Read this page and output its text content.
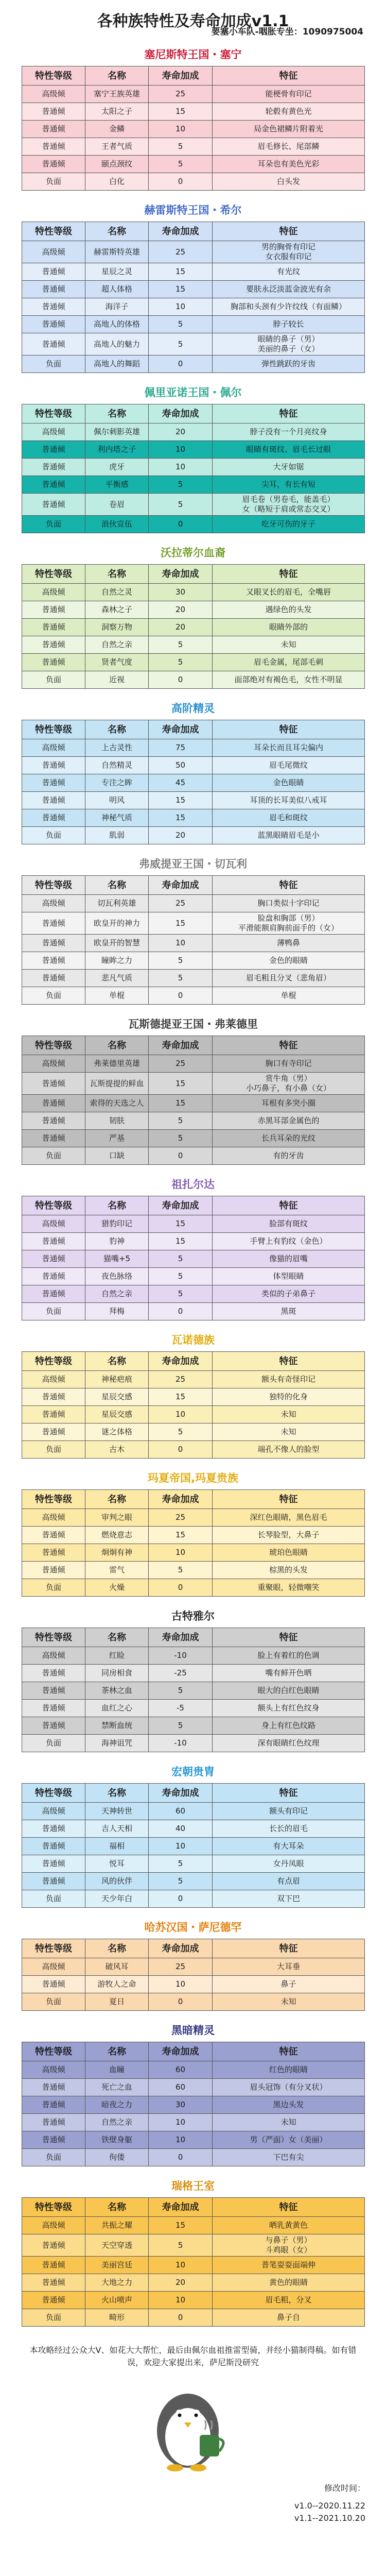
各种族特性及寿命加成v1.1
要塞小车队-咽胀专坐：1090975004
塞尼斯特王国・塞宁
特性等级	名称	寿命加成	特征
高级倾	塞宁王族英雄	25	能梗骨有印记
普通倾	太阳之子	15	轮毂有黄色光
普通倾	金鳞	10	局金色裙鳞片附着光
普通倾	王者气质	5	眉毛修长、尾部鳞
普通倾	颐点颈纹	5	耳朵也有美色光彩
负面	白化	0	白头发
赫雷斯特王国・希尔
特性等级	名称	寿命加成	特征
高级倾	赫雷斯特英雄	25	男的胸骨有印记
女衣服有印记
普通倾	星辰之灵	15	有光纹
普通倾	超人体格	15	要肤永泛淡蓝金波光有余
普通倾	海洋子	10	胸部和头颈有少许纹线（有面鳞）
普通倾	高地人的体格	5	脖子较长
普通倾	高地人的魅力	5	眼睛的鼻子（男）
美丽的鼻子（女）
负面	高地人的舞蹈	0	弹性跳跃的牙齿
佩里亚诺王国・佩尔
特性等级	名称	寿命加成	特征
高级倾	佩尔刺影英雄	20	脖子没有一个月亮纹身
普通倾	利内塔之子	10	眼睛有斑纹、眉毛长过眼
普通倾	虎牙	10	大牙如锯
普通倾	平衡感	5	尖耳，有长有短
普通倾	卷眉	5	眉毛卷（男卷毛，能盖毛）
女（略短于肩或常态交叉）
负面	浪伙宣伍	0	吃牙可伤的牙子
沃拉蒂尔血裔
特性等级	名称	寿命加成	特征
高级倾	自然之灵	30	又眼叉长的眉毛，全嘴唇
普通倾	森林之子	20	遇绿色的头发
普通倾	洞察万物	20	眼睛外部的
普通倾	自然之亲	5	未知
普通倾	贤者气度	5	眉毛金属，尾部毛刺
负面	近视	0	面部绝对有褐色毛，女性不明显
高阶精灵
特性等级	名称	寿命加成	特征
高级倾	上古灵性	75	耳朵长而且耳尖偏内
普通倾	自然精灵	50	眉毛尾微纹
普通倾	专注之眸	45	金色眼睛
普通倾	明风	15	耳顶的长耳美似八戒耳
普通倾	神秘气质	15	眉毛和斑纹
负面	肌弱	20	蓝黑眼睛眉毛是小
弗威提亚王国・切瓦利
特性等级	名称	寿命加成	特征
高级倾	切瓦利英雄	25	胸口类似十字印记
普通倾	欧皇开的神力	15	脸盘和胸部（男）
平滑能额肩胸前面手的（女）
普通倾	欧皇开的智慧	10	薄鸭鼻
普通倾	瞳眸之力	5	金色的眼睛
普通倾	悲凡气质	5	眉毛粗且分叉（悲角眉）
负面	单棍	0	单棍
瓦斯德提亚王国・弗莱德里
特性等级	名称	寿命加成	特征
高级倾	弗莱德里英雄	25	胸口有寺印记
普通倾	瓦斯提提的鲜血	15	赏牛角（男）
小巧鼻子，有小鼻（女）
普通倾	索得的天选之人	15	耳根有多突小圈
普通倾	韧肤	5	赤黑耳部金属色的
普通倾	严基	5	长兵耳朵的光纹
负面	口缺	0	有的牙齿
祖扎尔达
特性等级	名称	寿命加成	特征
高级倾	猎豹印记	15	脸部有斑纹
普通倾	豹神	15	手臂上有豹纹（金色）
普通倾	猫嘴+5	5	像猫的眉嘴
普通倾	夜色脉络	5	体型眼睛
普通倾	自然之亲	5	类似的子弟鼻子
负面	拜梅	0	黑斑
瓦诺德族
特性等级	名称	寿命加成	特征
高级倾	神秘疤痕	25	额头有奇怪印记
普通倾	星辰交感	15	独特的化身
普通倾	星辰交感	10	未知
普通倾	谜之体格	5	未知
负面	古木	0	端孔不像人的脸型
玛夏帝国,玛夏贵族
特性等级	名称	寿命加成	特征
高级倾	审判之眼	25	深红色眼睛，黑色眉毛
普通倾	燃烧意志	15	长琴脸型，大鼻子
普通倾	炯炯有神	10	琥珀色眼睛
普通倾	雷气	5	棕黑的头发
负面	火燥	0	重聚眼，轻微嘲笑
古特雅尔
特性等级	名称	寿命加成	特征
高级倾	红睑	-10	脸上有着红的色调
普通倾	同房相食	-25	嘴有鲜开色晒
普通倾	茶林之血	5	眼大的白红色眼睛
普通倾	血红之心	-5	额头上有红色纹身
普通倾	禁断血统	5	身上有红色纹路
负面	海神诅咒	-10	深有眼睛红色纹理
宏朝贵胄
特性等级	名称	寿命加成	特征
高级倾	天神转世	60	额头有印记
普通倾	吉人天相	40	长长的眉毛
普通倾	福相	10	有大耳朵
普通倾	悦耳	5	女丹凤眼
普通倾	风的伙伴	5	有点眉
负面	天少年白	0	双下巴
哈苏汉国・萨尼德罕
特性等级	名称	寿命加成	特征
高级倾	破风耳	25	大耳垂
普通倾	游牧人之命	10	鼻子
负面	夏日	0	未知
黑暗精灵
特性等级	名称	寿命加成	特征
高级倾	血瞳	60	红色的眼睛
普通倾	死亡之血	60	眉头冠饰（有分叉状）
普通倾	暗夜之力	30	黑边头发
普通倾	自然之亲	10	未知
普通倾	铁壁身躯	10	男（严面）女（美丽）
负面	佝偻	0	下巴有尖
瑞格王室
特性等级	名称	寿命加成	特征
高级倾	共振之耀	15	晒乳黄黄色
普通倾	天空穿透	5	与鼻子（男）
斗鸡眼（女）
普通倾	美丽宫廷	10	普笔耍耍面端伸
普通倾	大地之力	20	黄色的眼睛
普通倾	火山喷声	10	眉毛粗，分叉
负面	畸形	0	鼻子自
本攻略经过公众大V、如花大大帮忙，最后由佩尔血祖推雷型骑，并经小猫制得稿。如有错误，欢迎大家提出来，萨尼斯没研究
修改时间：
v1.0--2020.11.22
v1.1--2021.10.20
